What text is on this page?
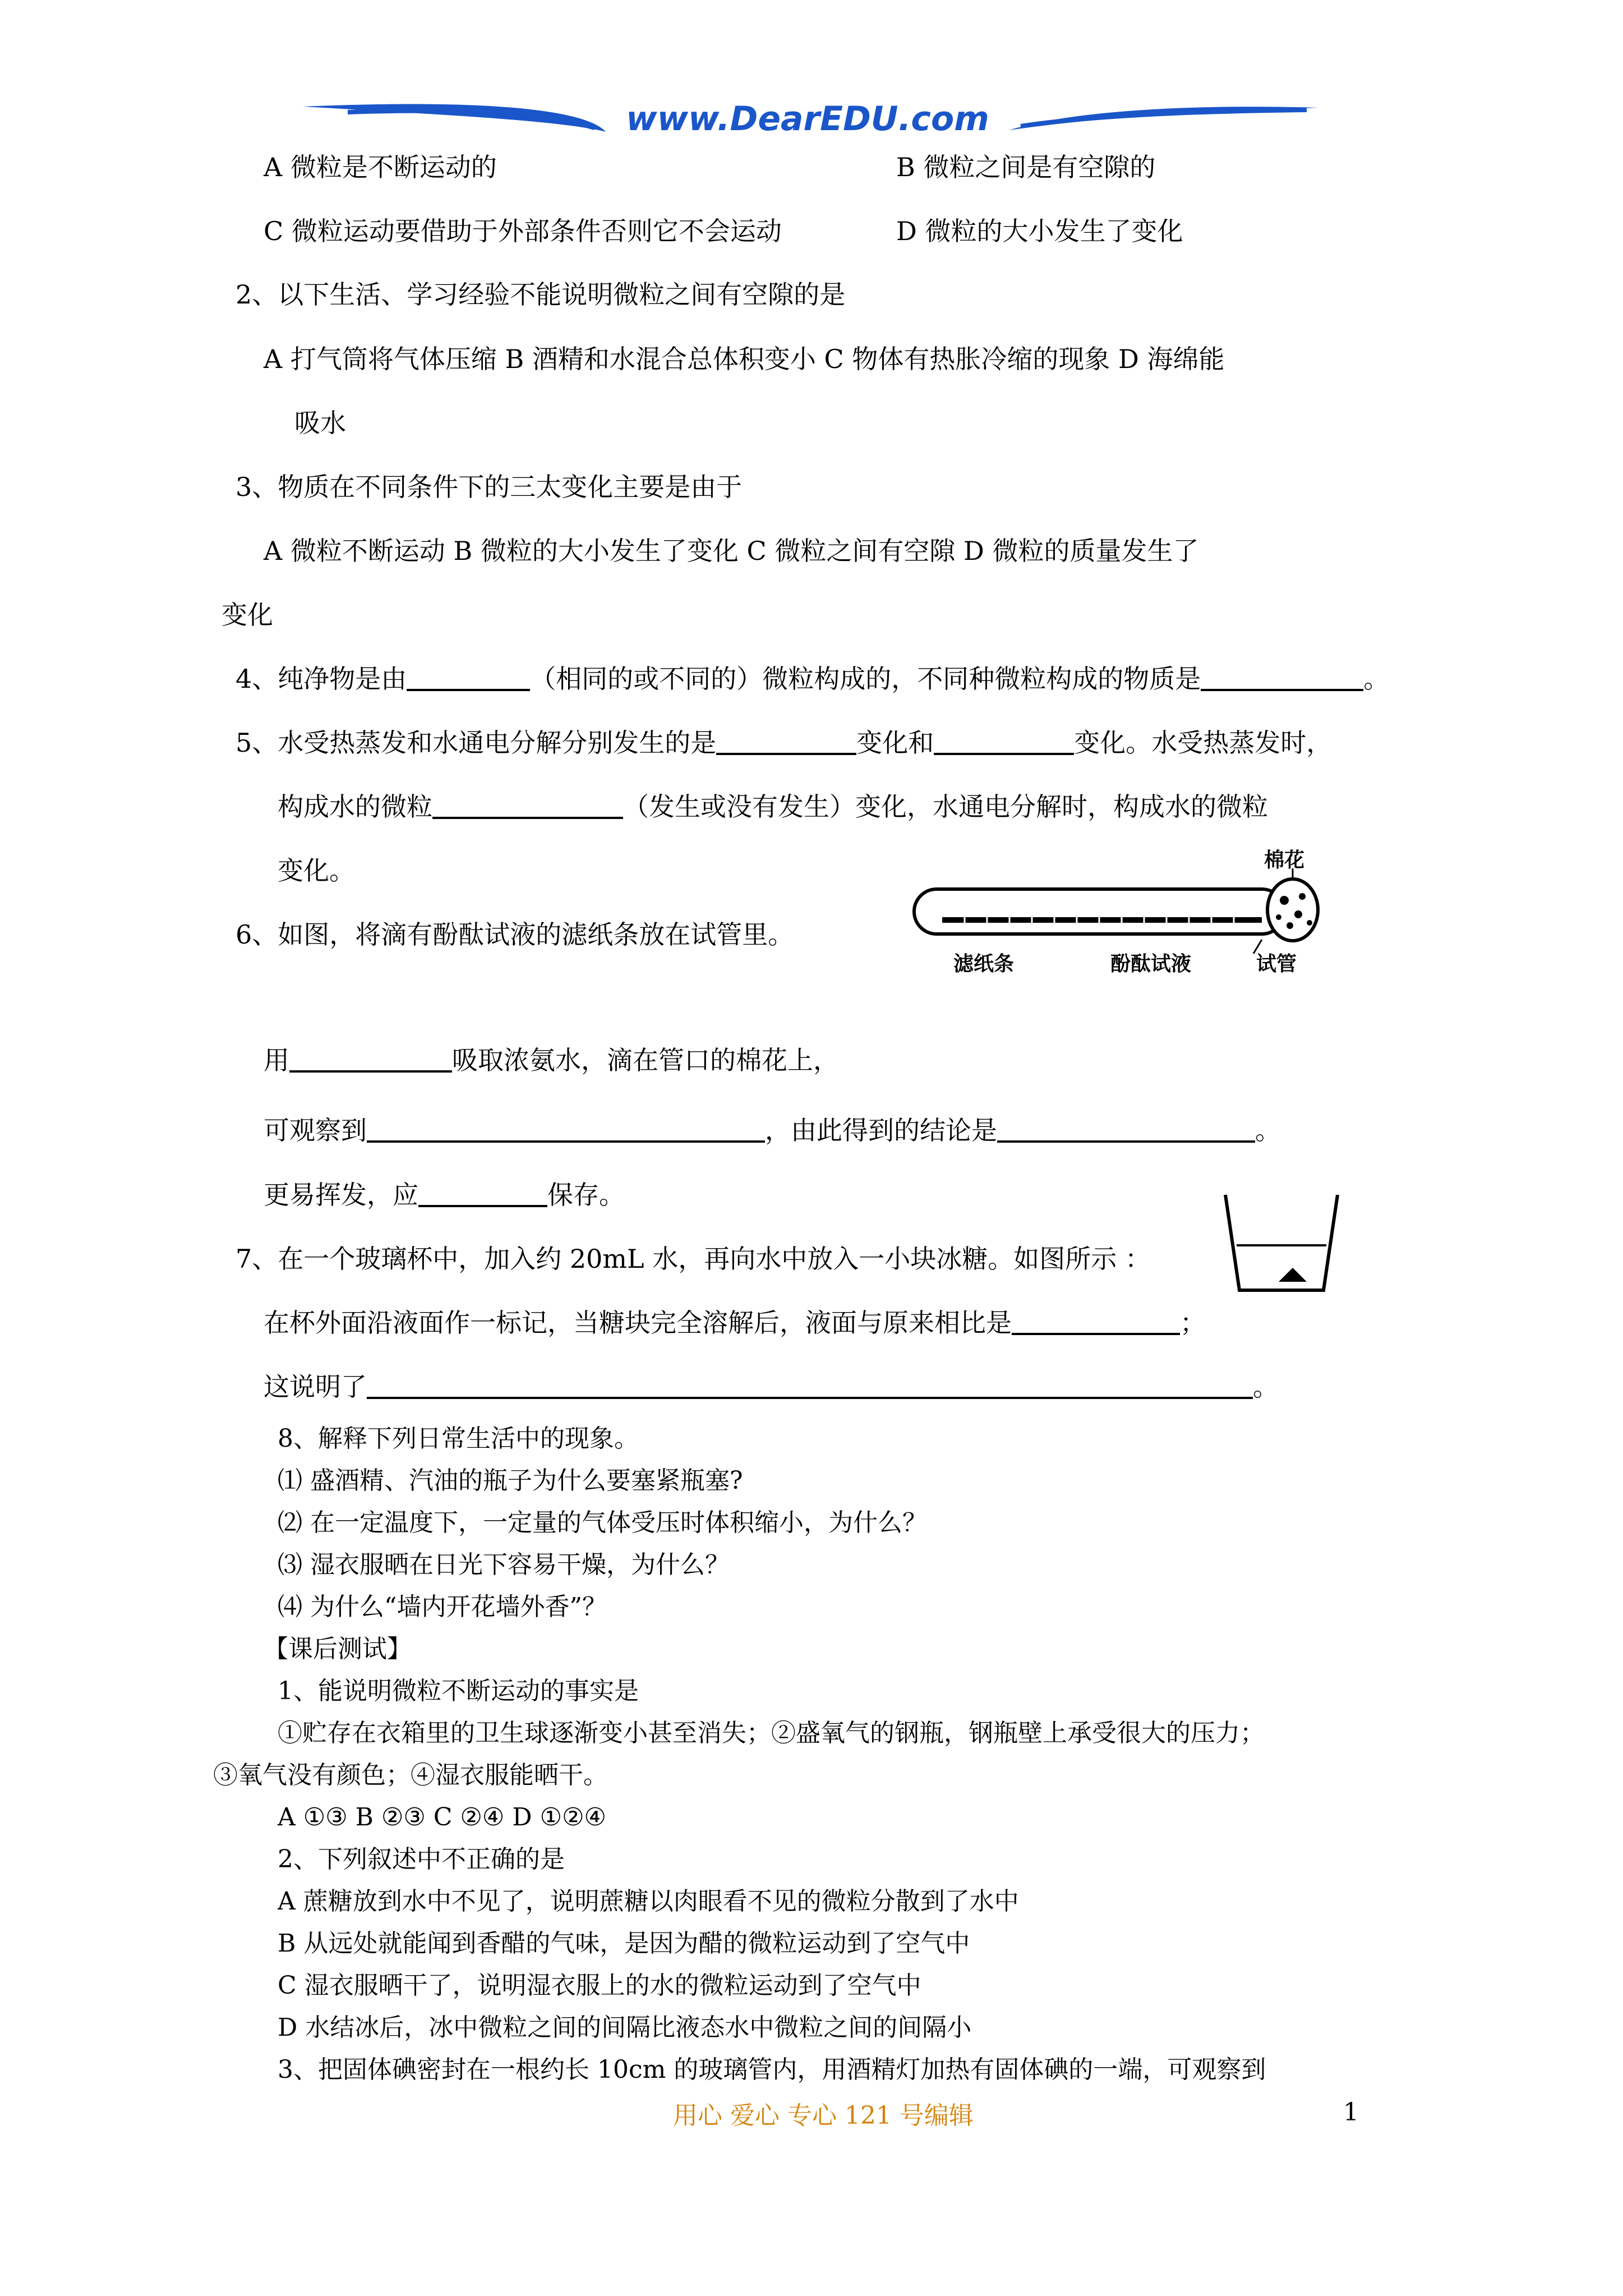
www.DearEDU.com
A 微粒是不断运动的	B 微粒之间是有空隙的
C 微粒运动要借助于外部条件否则它不会运动	D 微粒的大小发生了变化
2、以下生活、学习经验不能说明微粒之间有空隙的是
A 打气筒将气体压缩 B 酒精和水混合总体积变小 C 物体有热胀冷缩的现象 D 海绵能
吸水
3、物质在不同条件下的三太变化主要是由于
A 微粒不断运动 B 微粒的大小发生了变化 C 微粒之间有空隙 D 微粒的质量发生了
变化
4、纯净物是由	（相同的或不同的）微粒构成的，不同种微粒构成的物质是	。
5、水受热蒸发和水通电分解分别发生的是	变化和	变化。水受热蒸发时，
构成水的微粒	（发生或没有发生）变化，水通电分解时，构成水的微粒
变化。
6、如图，将滴有酚酞试液的滤纸条放在试管里。
棉花
滤纸条	酚酞试液	试管
用	吸取浓氨水，滴在管口的棉花上，
可观察到	，由此得到的结论是	。
更易挥发，应	保存。
7、在一个玻璃杯中，加入约 20mL 水，再向水中放入一小块冰糖。如图所示 ：
在杯外面沿液面作一标记，当糖块完全溶解后，液面与原来相比是	；
这说明了	。
8、解释下列日常生活中的现象。
⑴ 盛酒精、汽油的瓶子为什么要塞紧瓶塞?
⑵ 在一定温度下，一定量的气体受压时体积缩小，为什么？
⑶ 湿衣服晒在日光下容易干燥，为什么？
⑷ 为什么“墙内开花墙外香”？
【课后测试】
1、能说明微粒不断运动的事实是
①贮存在衣箱里的卫生球逐渐变小甚至消失；②盛氧气的钢瓶，钢瓶壁上承受很大的压力；
③氧气没有颜色；④湿衣服能晒干。
A ①③ B ②③ C ②④ D ①②④
2、下列叙述中不正确的是
A 蔗糖放到水中不见了，说明蔗糖以肉眼看不见的微粒分散到了水中
B 从远处就能闻到香醋的气味，是因为醋的微粒运动到了空气中
C 湿衣服晒干了，说明湿衣服上的水的微粒运动到了空气中
D 水结冰后，冰中微粒之间的间隔比液态水中微粒之间的间隔小
3、把固体碘密封在一根约长 10cm 的玻璃管内，用酒精灯加热有固体碘的一端，可观察到
用心 爱心 专心 121 号编辑	1
